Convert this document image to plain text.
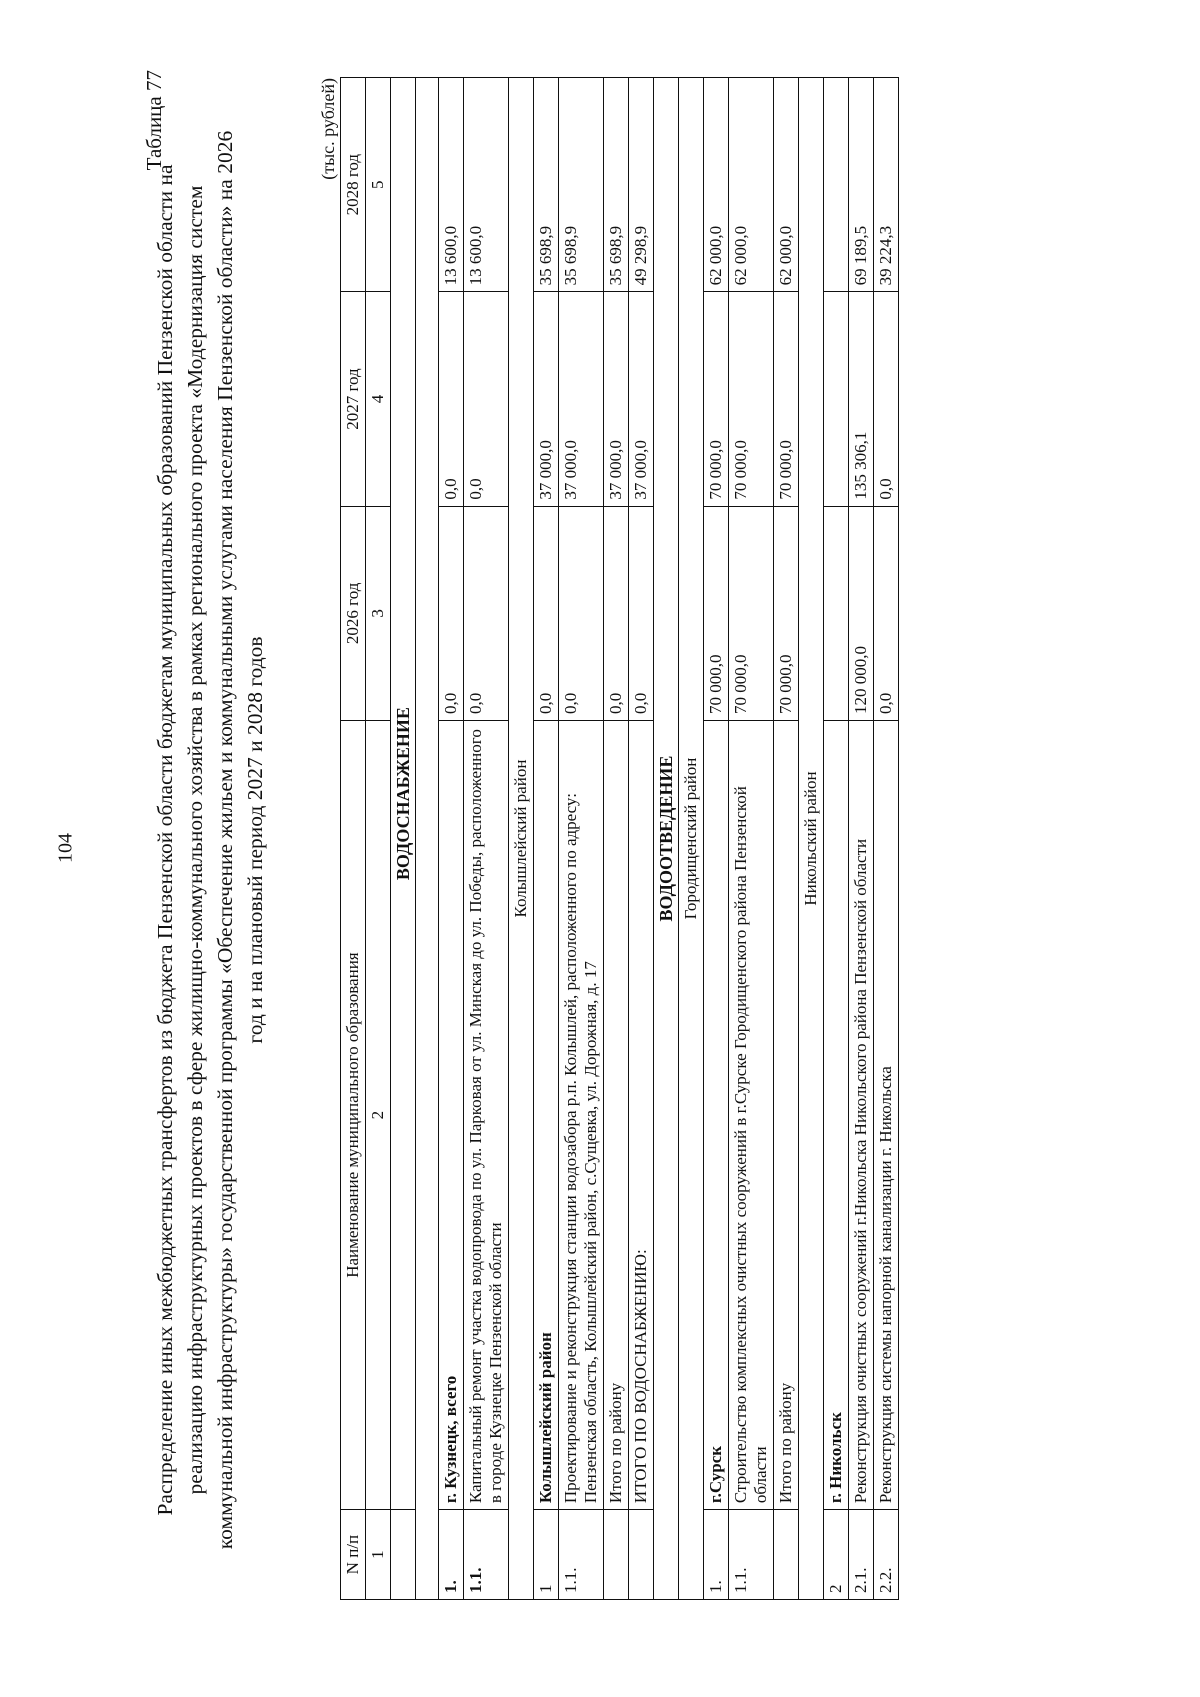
104
Таблица 77
Распределение иных межбюджетных трансфертов из бюджета Пензенской области бюджетам муниципальных образований Пензенской области на реализацию инфраструктурных проектов в сфере жилищно-коммунального хозяйства в рамках регионального проекта «Модернизация систем коммунальной инфраструктуры» государственной программы «Обеспечение жильем и коммунальными услугами населения Пензенской области» на 2026 год и на плановый период 2027 и 2028 годов
(тыс. рублей)
N п/п	Наименование муниципального образования	2026 год	2027 год	2028 год
1	2	3	4	5
	ВОДОСНАБЖЕНИЕ			

1.	г. Кузнецк, всего	0,0	0,0	13 600,0
1.1.	Капитальный ремонт участка водопровода по ул. Парковая от ул. Минская до ул. Победы, расположенного в городе Кузнецке Пензенской области	0,0	0,0	13 600,0
Колышлейский район				
1	Колышлейский район	0,0	37 000,0	35 698,9
1.1.	Проектирование и реконструкция станции водозабора р.п. Колышлей, расположенного по адресу: Пензенская область, Колышлейский район, с.Сущевка, ул. Дорожная, д. 17	0,0	37 000,0	35 698,9
	Итого по району	0,0	37 000,0	35 698,9
	ИТОГО ПО ВОДОСНАБЖЕНИЮ:	0,0	37 000,0	49 298,9
ВОДООТВЕДЕНИЕ				
Городищенский район				
1.	г.Сурск	70 000,0	70 000,0	62 000,0
1.1.	Строительство комплексных очистных сооружений в г.Сурске Городищенского района Пензенской области	70 000,0	70 000,0	62 000,0
	Итого по району	70 000,0	70 000,0	62 000,0
Никольский район				
2	г. Никольск			
2.1.	Реконструкция очистных сооружений г.Никольска Никольского района Пензенской области	120 000,0	135 306,1	69 189,5
2.2.	Реконструкция системы напорной канализации г. Никольска	0,0	0,0	39 224,3
